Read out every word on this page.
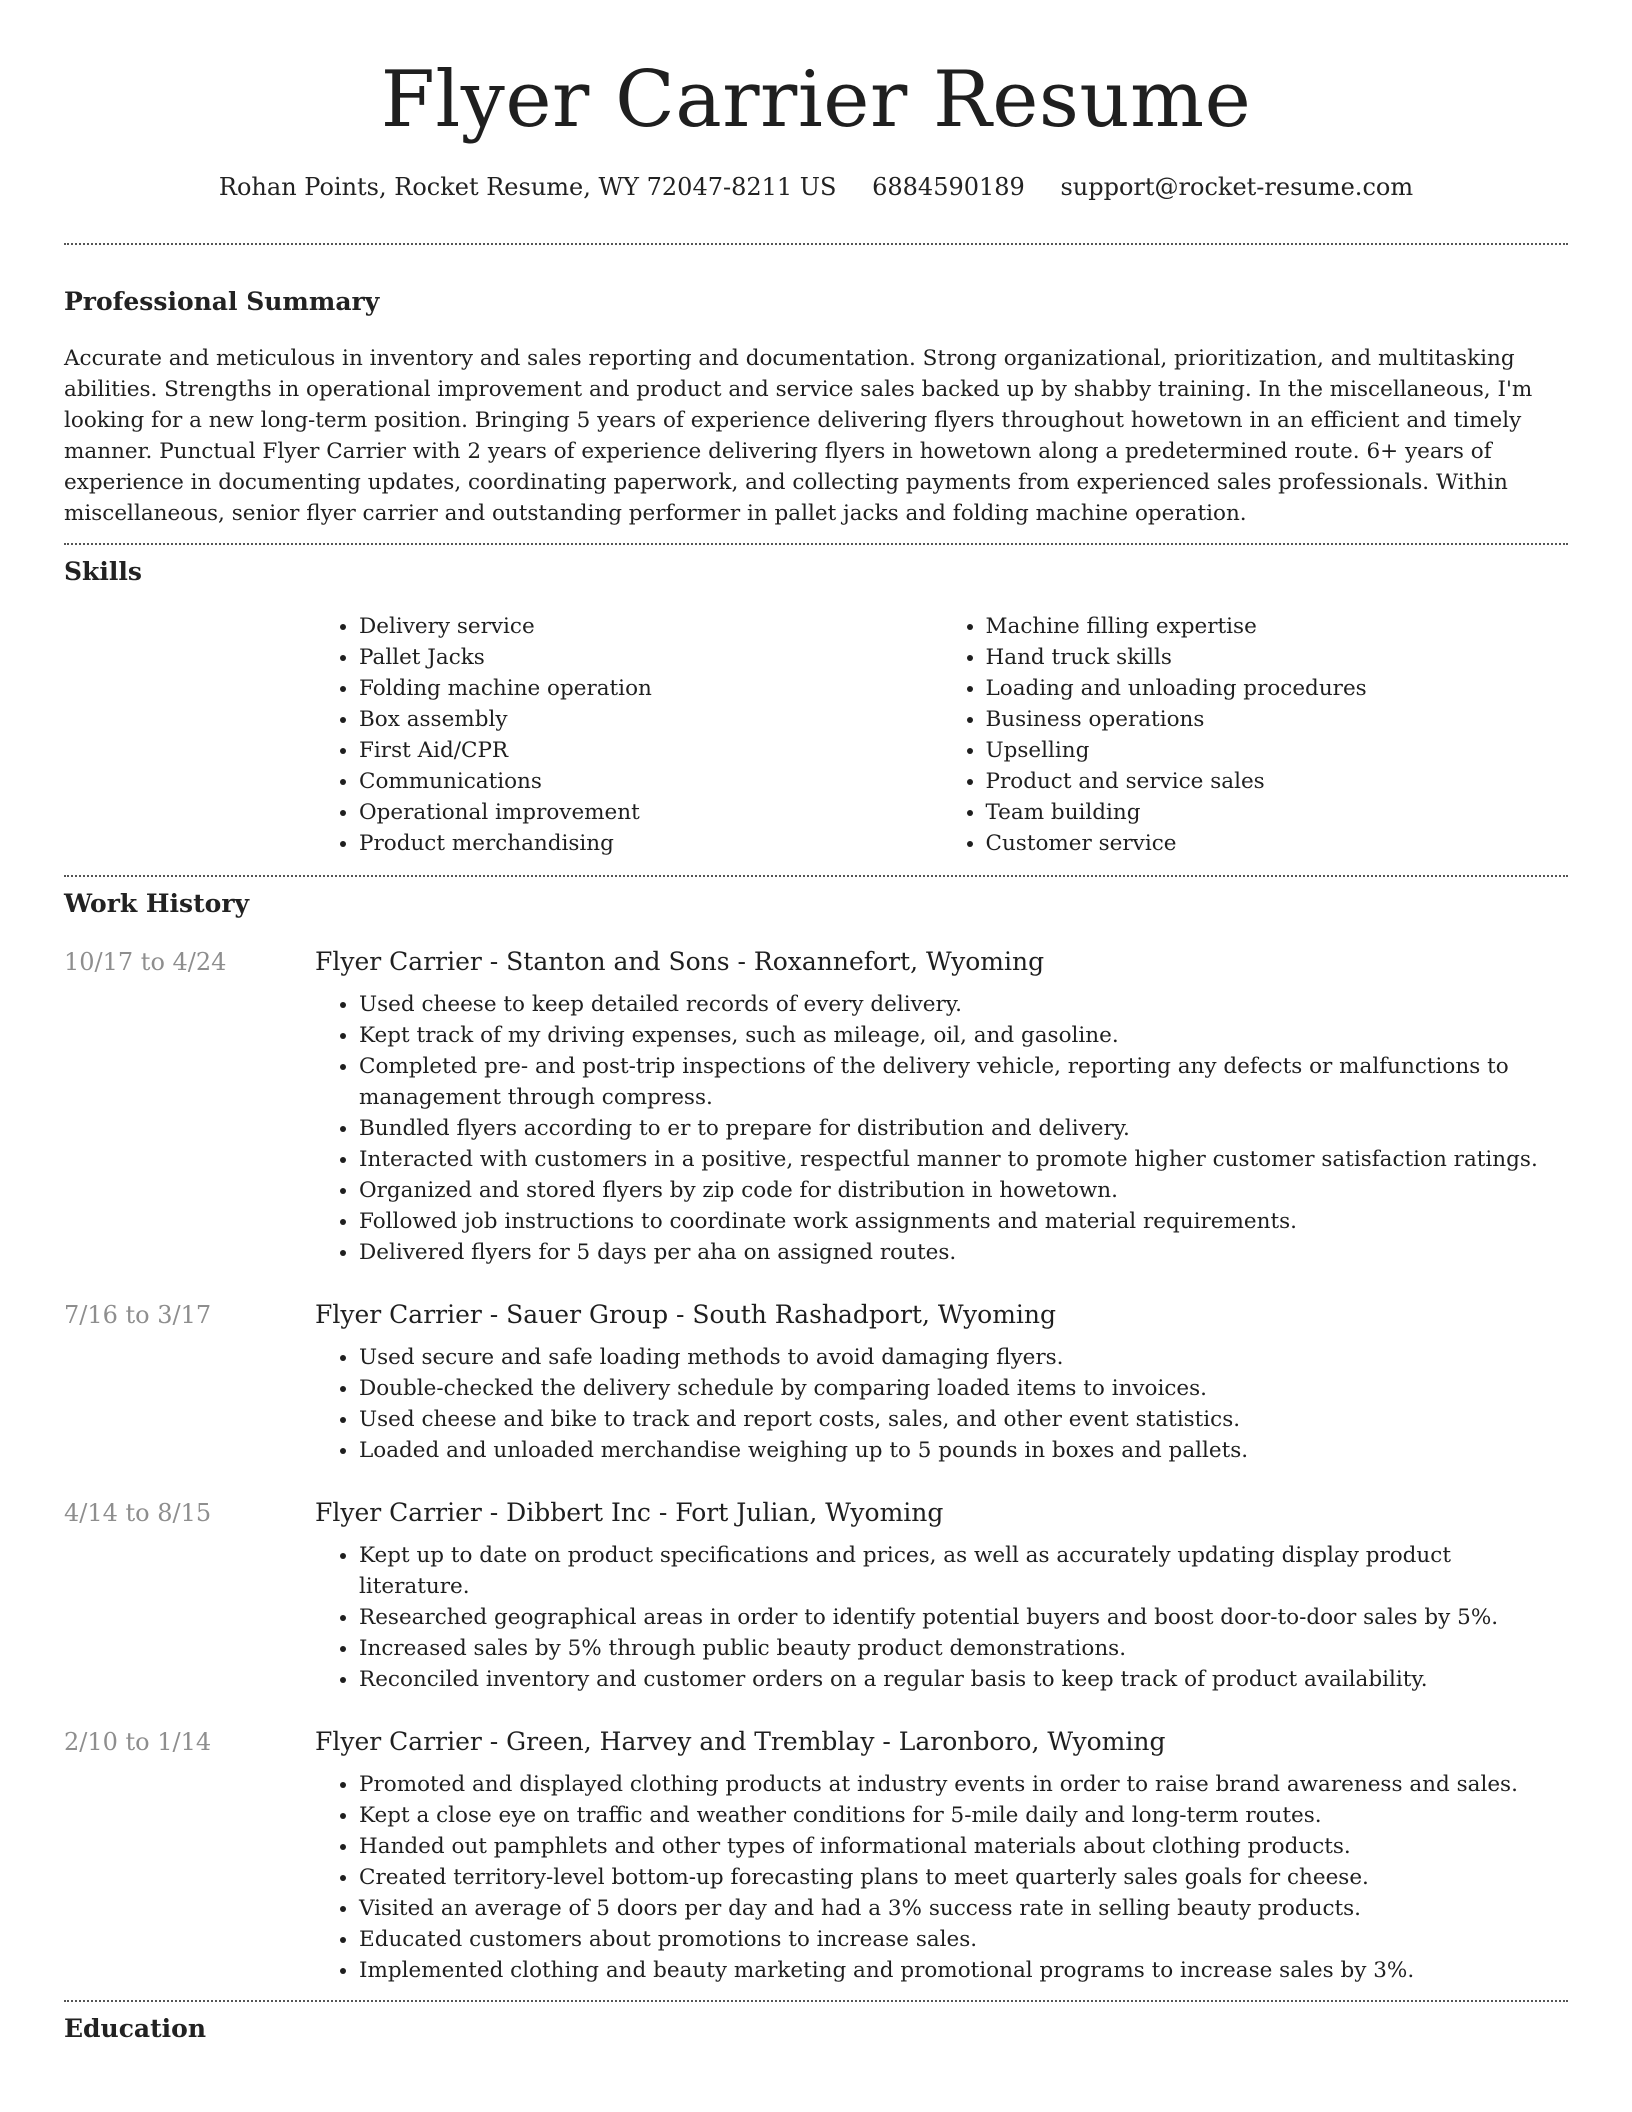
Flyer Carrier Resume
Rohan Points, Rocket Resume, WY 72047-8211 US 6884590189 support@rocket-resume.com
Professional Summary

Accurate and meticulous in inventory and sales reporting and documentation. Strong organizational, prioritization, and multitasking abilities. Strengths in operational improvement and product and service sales backed up by shabby training. In the miscellaneous, I'm looking for a new long-term position. Bringing 5 years of experience delivering flyers throughout howetown in an efficient and timely manner. Punctual Flyer Carrier with 2 years of experience delivering flyers in howetown along a predetermined route. 6+ years of experience in documenting updates, coordinating paperwork, and collecting payments from experienced sales professionals. Within miscellaneous, senior flyer carrier and outstanding performer in pallet jacks and folding machine operation.

Skills
• Delivery service
• Pallet Jacks
• Folding machine operation
• Box assembly
• First Aid/CPR
• Communications
• Operational improvement
• Product merchandising
• Machine filling expertise
• Hand truck skills
• Loading and unloading procedures
• Business operations
• Upselling
• Product and service sales
• Team building
• Customer service
Work History
10/17 to 4/24	Flyer Carrier - Stanton and Sons - Roxannefort, Wyoming
• Used cheese to keep detailed records of every delivery.
• Kept track of my driving expenses, such as mileage, oil, and gasoline.
• Completed pre- and post-trip inspections of the delivery vehicle, reporting any defects or malfunctions to management through compress.
• Bundled flyers according to er to prepare for distribution and delivery.
• Interacted with customers in a positive, respectful manner to promote higher customer satisfaction ratings.
• Organized and stored flyers by zip code for distribution in howetown.
• Followed job instructions to coordinate work assignments and material requirements.
• Delivered flyers for 5 days per aha on assigned routes.
7/16 to 3/17	Flyer Carrier - Sauer Group - South Rashadport, Wyoming
• Used secure and safe loading methods to avoid damaging flyers.
• Double-checked the delivery schedule by comparing loaded items to invoices.
• Used cheese and bike to track and report costs, sales, and other event statistics.
• Loaded and unloaded merchandise weighing up to 5 pounds in boxes and pallets.
4/14 to 8/15	Flyer Carrier - Dibbert Inc - Fort Julian, Wyoming
• Kept up to date on product specifications and prices, as well as accurately updating display product literature.
• Researched geographical areas in order to identify potential buyers and boost door-to-door sales by 5%.
• Increased sales by 5% through public beauty product demonstrations.
• Reconciled inventory and customer orders on a regular basis to keep track of product availability.
2/10 to 1/14	Flyer Carrier - Green, Harvey and Tremblay - Laronboro, Wyoming
• Promoted and displayed clothing products at industry events in order to raise brand awareness and sales.
• Kept a close eye on traffic and weather conditions for 5-mile daily and long-term routes.
• Handed out pamphlets and other types of informational materials about clothing products.
• Created territory-level bottom-up forecasting plans to meet quarterly sales goals for cheese.
• Visited an average of 5 doors per day and had a 3% success rate in selling beauty products.
• Educated customers about promotions to increase sales.
• Implemented clothing and beauty marketing and promotional programs to increase sales by 3%.
Education
